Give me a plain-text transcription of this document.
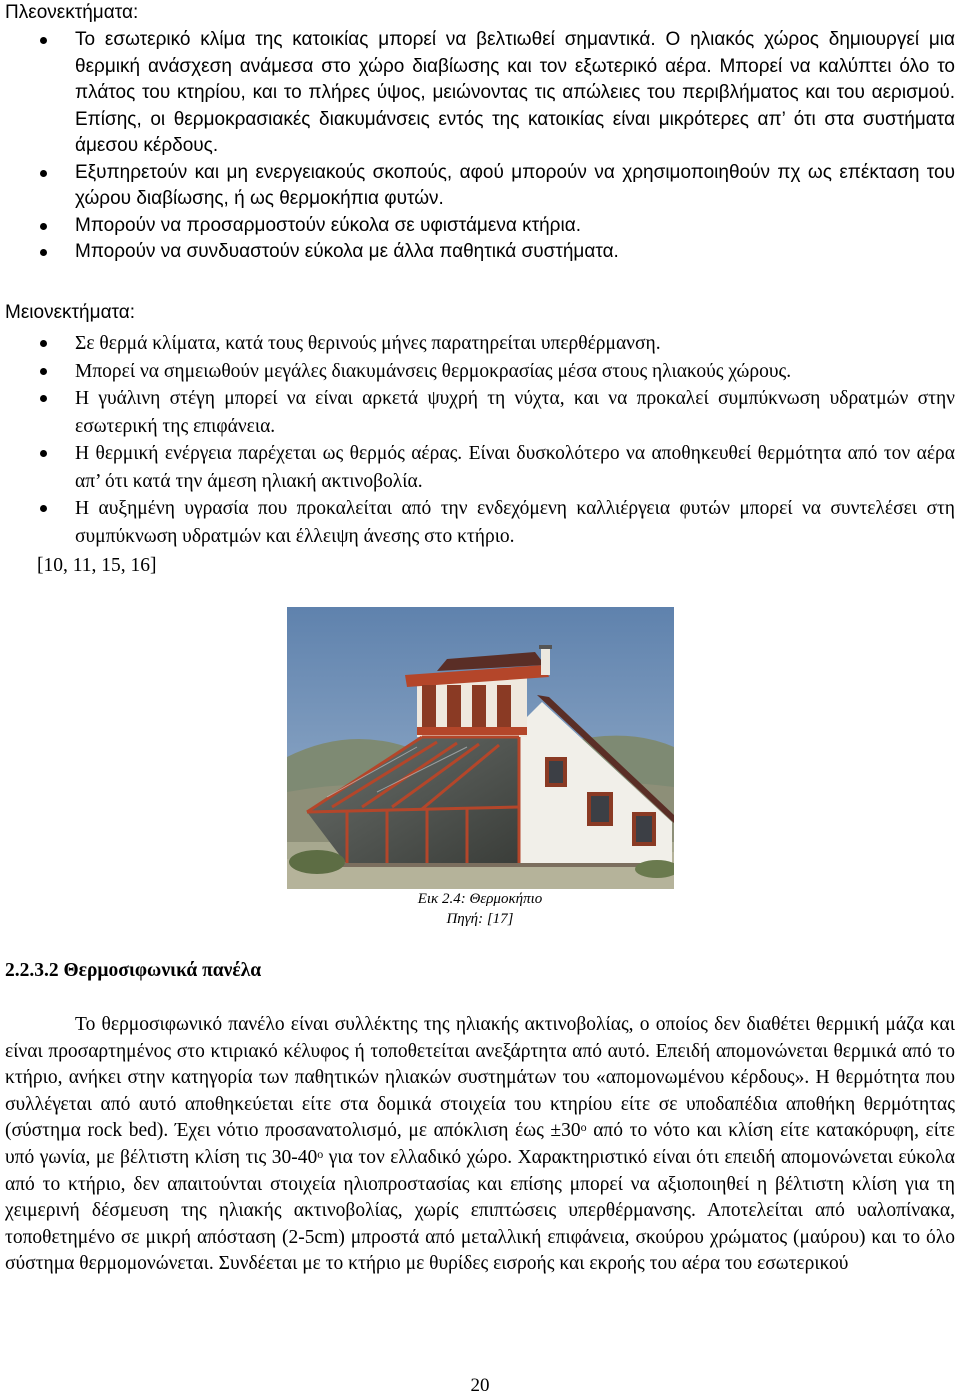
Πλεονεκτήματα:
Το εσωτερικό κλίμα της κατοικίας μπορεί να βελτιωθεί σημαντικά. Ο ηλιακός χώρος δημιουργεί μια θερμική ανάσχεση ανάμεσα στο χώρο διαβίωσης και τον εξωτερικό αέρα. Μπορεί να καλύπτει όλο το πλάτος του κτηρίου, και το πλήρες ύψος, μειώνοντας τις απώλειες του περιβλήματος και του αερισμού. Επίσης, οι θερμοκρασιακές διακυμάνσεις εντός της κατοικίας είναι μικρότερες απ’ ότι στα συστήματα άμεσου κέρδους.
Εξυπηρετούν και μη ενεργειακούς σκοπούς, αφού μπορούν να χρησιμοποιηθούν πχ ως επέκταση του χώρου διαβίωσης, ή ως θερμοκήπια φυτών.
Μπορούν να προσαρμοστούν εύκολα σε υφιστάμενα κτήρια.
Μπορούν να συνδυαστούν εύκολα με άλλα παθητικά συστήματα.
Μειονεκτήματα:
Σε θερμά κλίματα, κατά τους θερινούς μήνες παρατηρείται υπερθέρμανση.
Μπορεί να σημειωθούν μεγάλες διακυμάνσεις θερμοκρασίας μέσα στους ηλιακούς χώρους.
Η γυάλινη στέγη μπορεί να είναι αρκετά ψυχρή τη νύχτα, και να προκαλεί συμπύκνωση υδρατμών στην εσωτερική της επιφάνεια.
Η θερμική ενέργεια παρέχεται ως θερμός αέρας. Είναι δυσκολότερο να αποθηκευθεί θερμότητα από τον αέρα απ’ ότι κατά την άμεση ηλιακή ακτινοβολία.
Η αυξημένη υγρασία που προκαλείται από την ενδεχόμενη καλλιέργεια φυτών μπορεί να συντελέσει στη συμπύκνωση υδρατμών και έλλειψη άνεσης στο κτήριο.
[10, 11, 15, 16]
Εικ 2.4: Θερμοκήπιο
Πηγή: [17]
2.2.3.2 Θερμοσιφωνικά πανέλα

Το θερμοσιφωνικό πανέλο είναι συλλέκτης της ηλιακής ακτινοβολίας, ο οποίος δεν διαθέτει θερμική μάζα και είναι προσαρτημένος στο κτιριακό κέλυφος ή τοποθετείται ανεξάρτητα από αυτό. Επειδή απομονώνεται θερμικά από το κτήριο, ανήκει στην κατηγορία των παθητικών ηλιακών συστημάτων του «απομονωμένου κέρδους». Η θερμότητα που συλλέγεται από αυτό αποθηκεύεται είτε στα δομικά στοιχεία του κτηρίου είτε σε υποδαπέδια αποθήκη θερμότητας (σύστημα rock bed). Έχει νότιο προσανατολισμό, με απόκλιση $έ\omega\varsigma \pm 30^o$ από το νότο και κλίση είτε κατακόρυφη, είτε υπό γωνία, με βέλτιστη κλίση τις $30-40^o$ για τον ελλαδικό χώρο. Χαρακτηριστικό είναι ότι επειδή απομονώνεται εύκολα από το κτήριο, δεν απαιτούνται στοιχεία ηλιοπροστασίας και επίσης μπορεί να αξιοποιηθεί η βέλτιστη κλίση για τη χειμερινή δέσμευση της ηλιακής ακτινοβολίας, χωρίς επιπτώσεις υπερθέρμανσης. Αποτελείται από υαλοπίνακα, τοποθετημένο σε μικρή απόσταση (2-5cm) μπροστά από μεταλλική επιφάνεια, σκούρου χρώματος (μαύρου) και το όλο σύστημα θερμομονώνεται. Συνδέεται με το κτήριο με θυρίδες εισροής και εκροής του αέρα του εσωτερικού

20
